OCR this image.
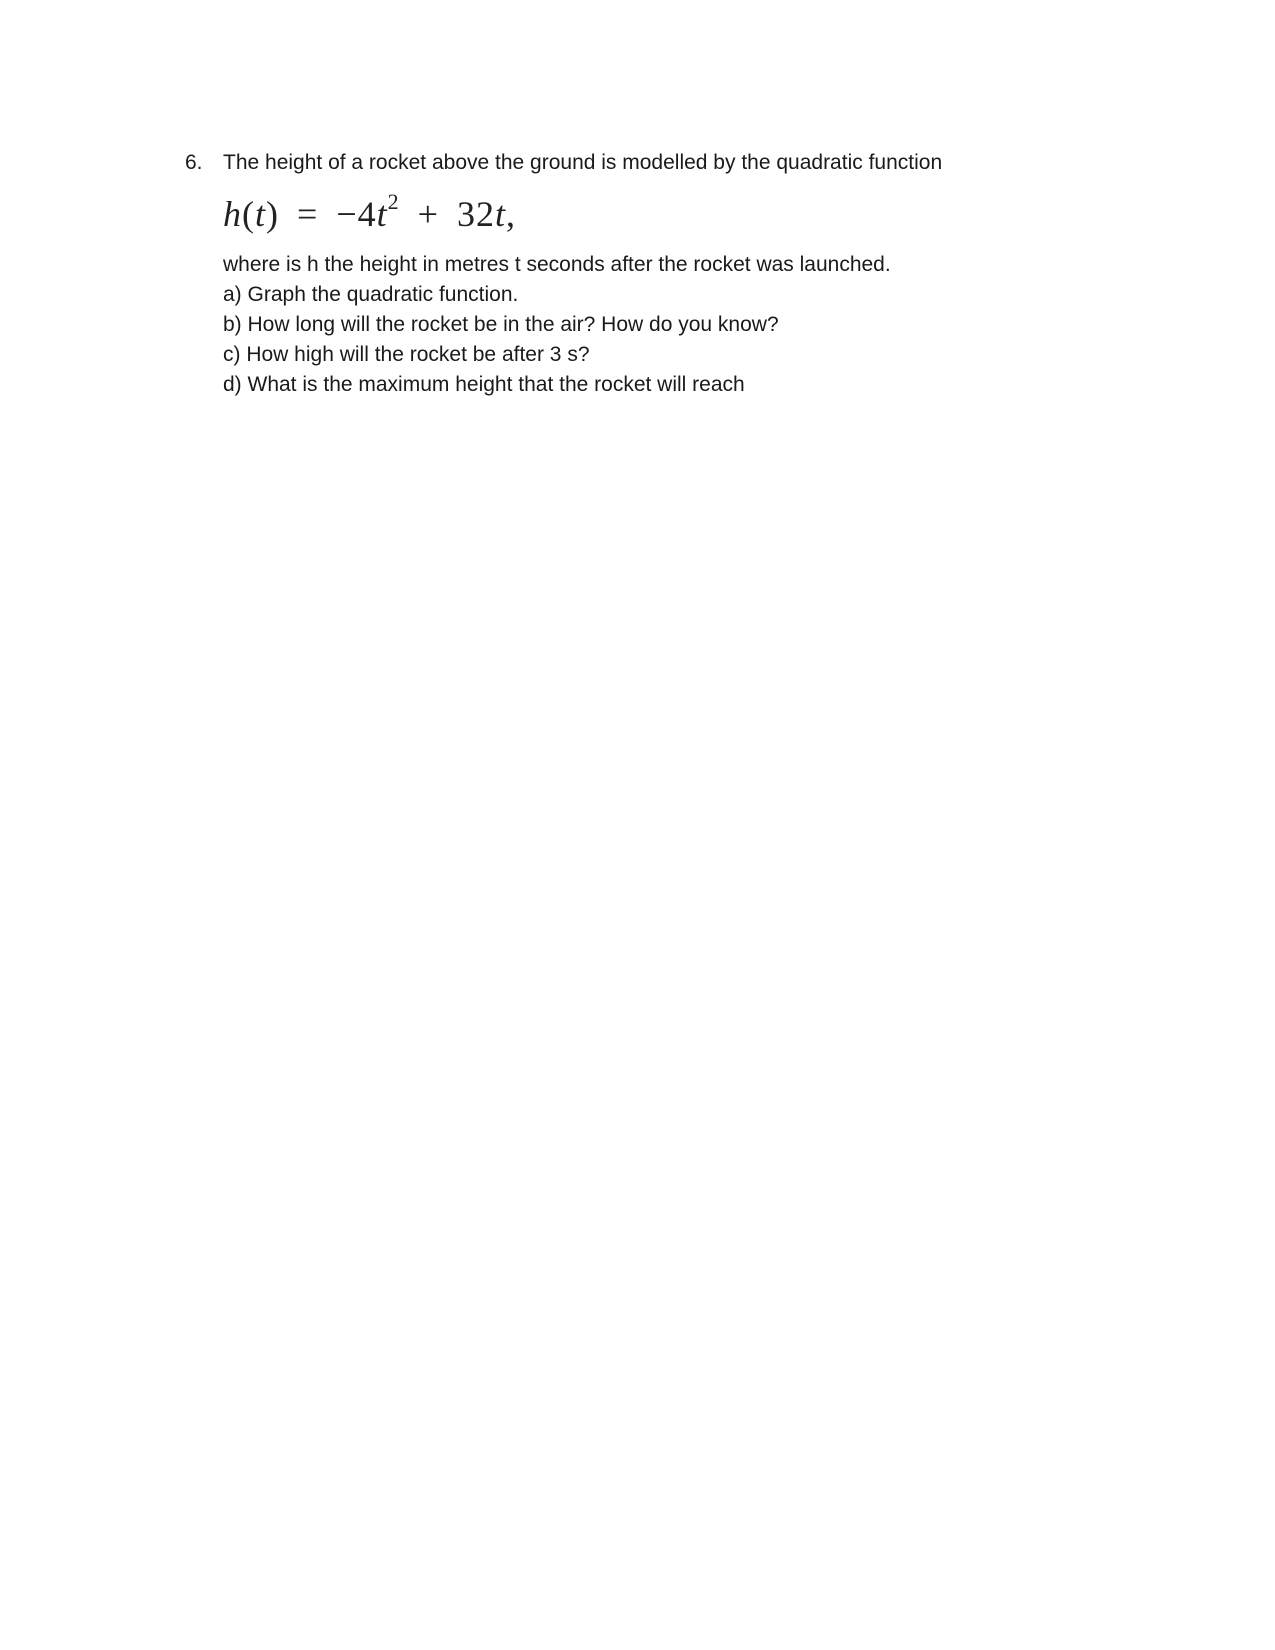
6. The height of a rocket above the ground is modelled by the quadratic function
$h(t) = -4t^2 + 32t$,
where is h the height in metres t seconds after the rocket was launched.
a) Graph the quadratic function.
b) How long will the rocket be in the air? How do you know?
c) How high will the rocket be after 3 s?
d) What is the maximum height that the rocket will reach
